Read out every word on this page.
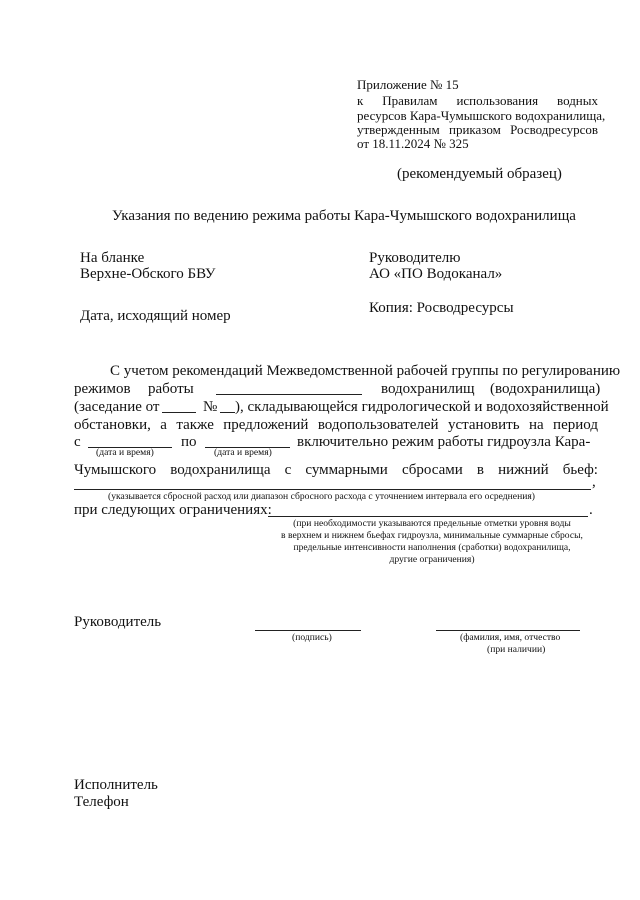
Приложение № 15
к Правилам использования водных
ресурсов Кара-Чумышского водохранилища,
утвержденным приказом Росводресурсов
от 18.11.2024 № 325
(рекомендуемый образец)
Указания по ведению режима работы Кара-Чумышского водохранилища
На бланке
Верхне-Обского БВУ
Дата, исходящий номер
Руководителю
АО «ПО Водоканал»
Копия: Росводресурсы
С учетом рекомендаций Межведомственной рабочей группы по регулированию
режимов работы	водохранилищ (водохранилища)
(заседание от	№ ), складывающейся гидрологической и водохозяйственной
обстановки, а также предложений водопользователей установить на период
с	по	включительно режим работы гидроузла Кара-
(дата и время)	(дата и время)
Чумышского водохранилища с суммарными сбросами в нижний бьеф:
,
(указывается сбросной расход или диапазон сбросного расхода с уточнением интервала его осреднения)
при следующих ограничениях:	.
(при необходимости указываются предельные отметки уровня воды
в верхнем и нижнем бьефах гидроузла, минимальные суммарные сбросы,
предельные интенсивности наполнения (сработки) водохранилища,
другие ограничения)
Руководитель
(подпись)	(фамилия, имя, отчество
(при наличии)
Исполнитель
Телефон
